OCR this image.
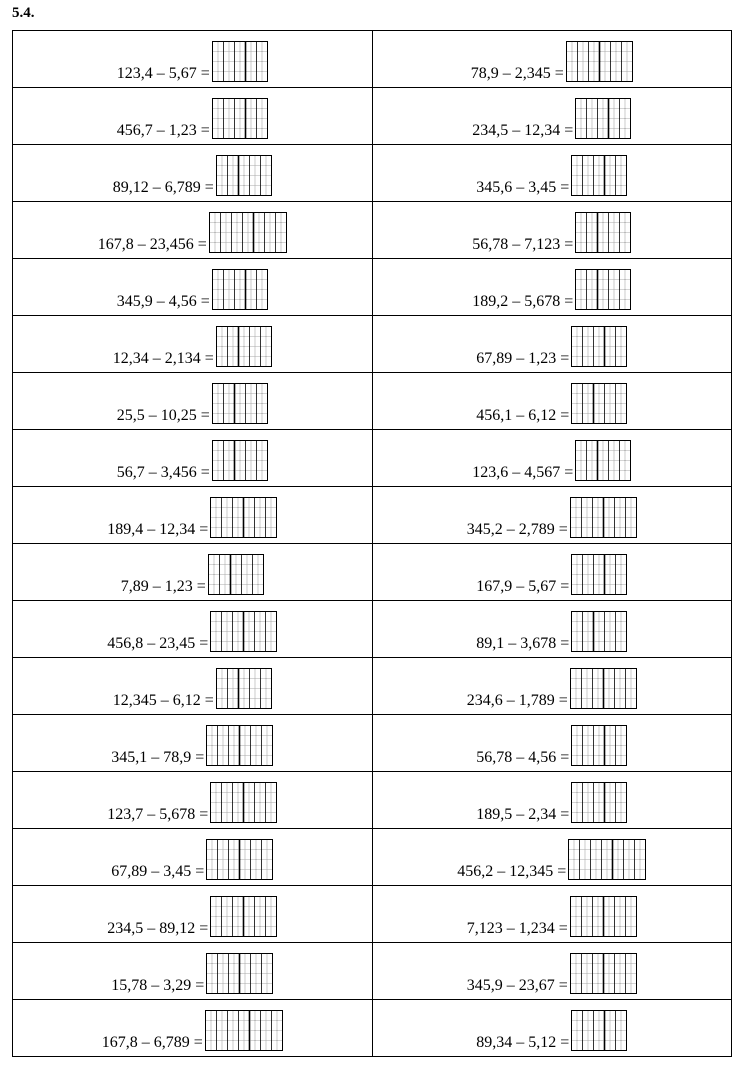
5.4.
123,4 – 5,67 =	78,9 – 2,345 =

456,7 – 1,23 =	234,5 – 12,34 =

89,12 – 6,789 =	345,6 – 3,45 =

167,8 – 23,456 =	56,78 – 7,123 =

345,9 – 4,56 =	189,2 – 5,678 =

12,34 – 2,134 =	67,89 – 1,23 =

25,5 – 10,25 =	456,1 – 6,12 =

56,7 – 3,456 =	123,6 – 4,567 =

189,4 – 12,34 =	345,2 – 2,789 =

7,89 – 1,23 =	167,9 – 5,67 =

456,8 – 23,45 =	89,1 – 3,678 =

12,345 – 6,12 =	234,6 – 1,789 =

345,1 – 78,9 =	56,78 – 4,56 =

123,7 – 5,678 =	189,5 – 2,34 =

67,89 – 3,45 =	456,2 – 12,345 =

234,5 – 89,12 =	7,123 – 1,234 =

15,78 – 3,29 =	345,9 – 23,67 =

167,8 – 6,789 =	89,34 – 5,12 =
